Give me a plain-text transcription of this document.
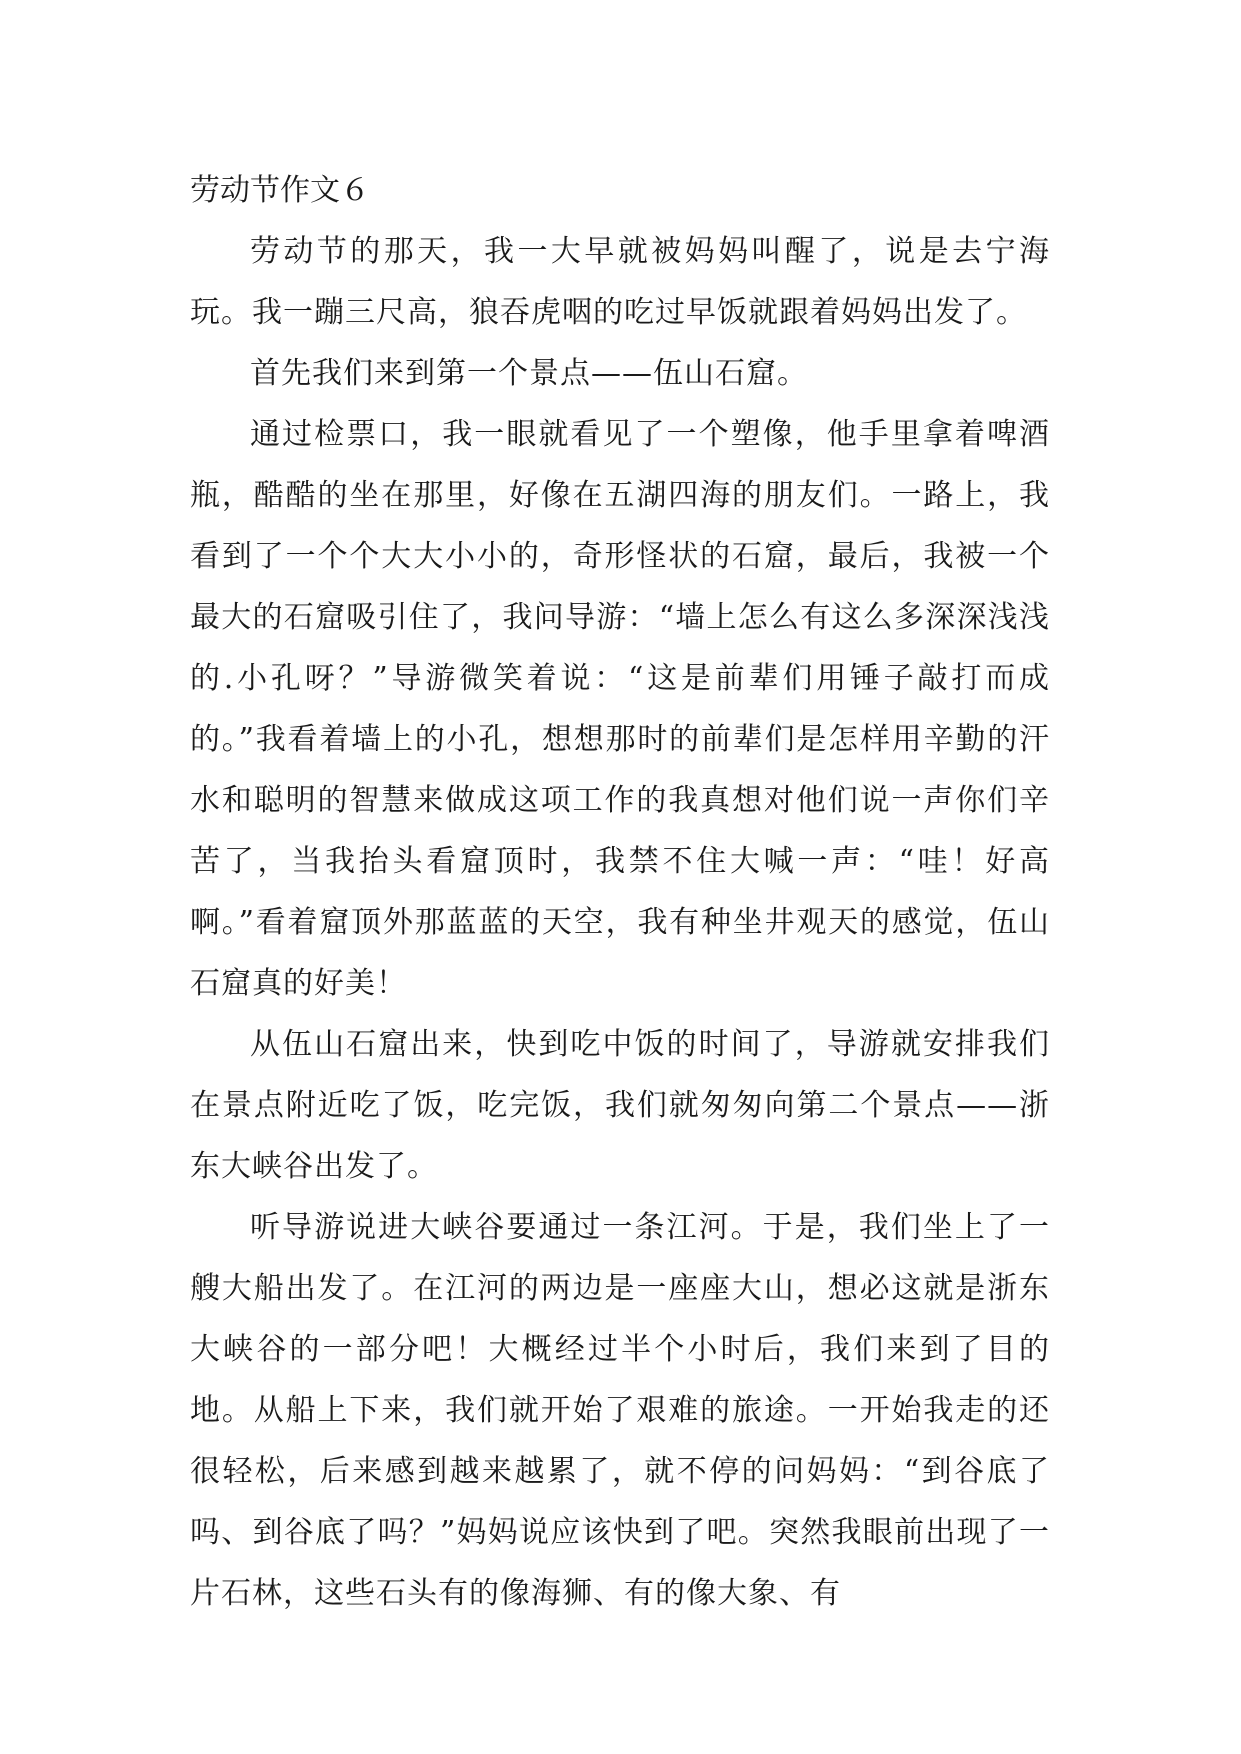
劳动节作文６

劳动节的那天，我一大早就被妈妈叫醒了，说是去宁海玩。我一蹦三尺高，狼吞虎咽的吃过早饭就跟着妈妈出发了。

首先我们来到第一个景点——伍山石窟。

通过检票口，我一眼就看见了一个塑像，他手里拿着啤酒瓶，酷酷的坐在那里，好像在五湖四海的朋友们。一路上，我看到了一个个大大小小的，奇形怪状的石窟，最后，我被一个最大的石窟吸引住了，我问导游：“墙上怎么有这么多深深浅浅的.小孔呀？”导游微笑着说：“这是前辈们用锤子敲打而成的。”我看着墙上的小孔，想想那时的前辈们是怎样用辛勤的汗水和聪明的智慧来做成这项工作的我真想对他们说一声你们辛苦了，当我抬头看窟顶时，我禁不住大喊一声：“哇！好高啊。”看着窟顶外那蓝蓝的天空，我有种坐井观天的感觉，伍山石窟真的好美！

从伍山石窟出来，快到吃中饭的时间了，导游就安排我们在景点附近吃了饭，吃完饭，我们就匆匆向第二个景点——浙东大峡谷出发了。

听导游说进大峡谷要通过一条江河。于是，我们坐上了一艘大船出发了。在江河的两边是一座座大山，想必这就是浙东大峡谷的一部分吧！大概经过半个小时后，我们来到了目的地。从船上下来，我们就开始了艰难的旅途。一开始我走的还很轻松，后来感到越来越累了，就不停的问妈妈：“到谷底了吗、到谷底了吗？”妈妈说应该快到了吧。突然我眼前出现了一片石林，这些石头有的像海狮、有的像大象、有
